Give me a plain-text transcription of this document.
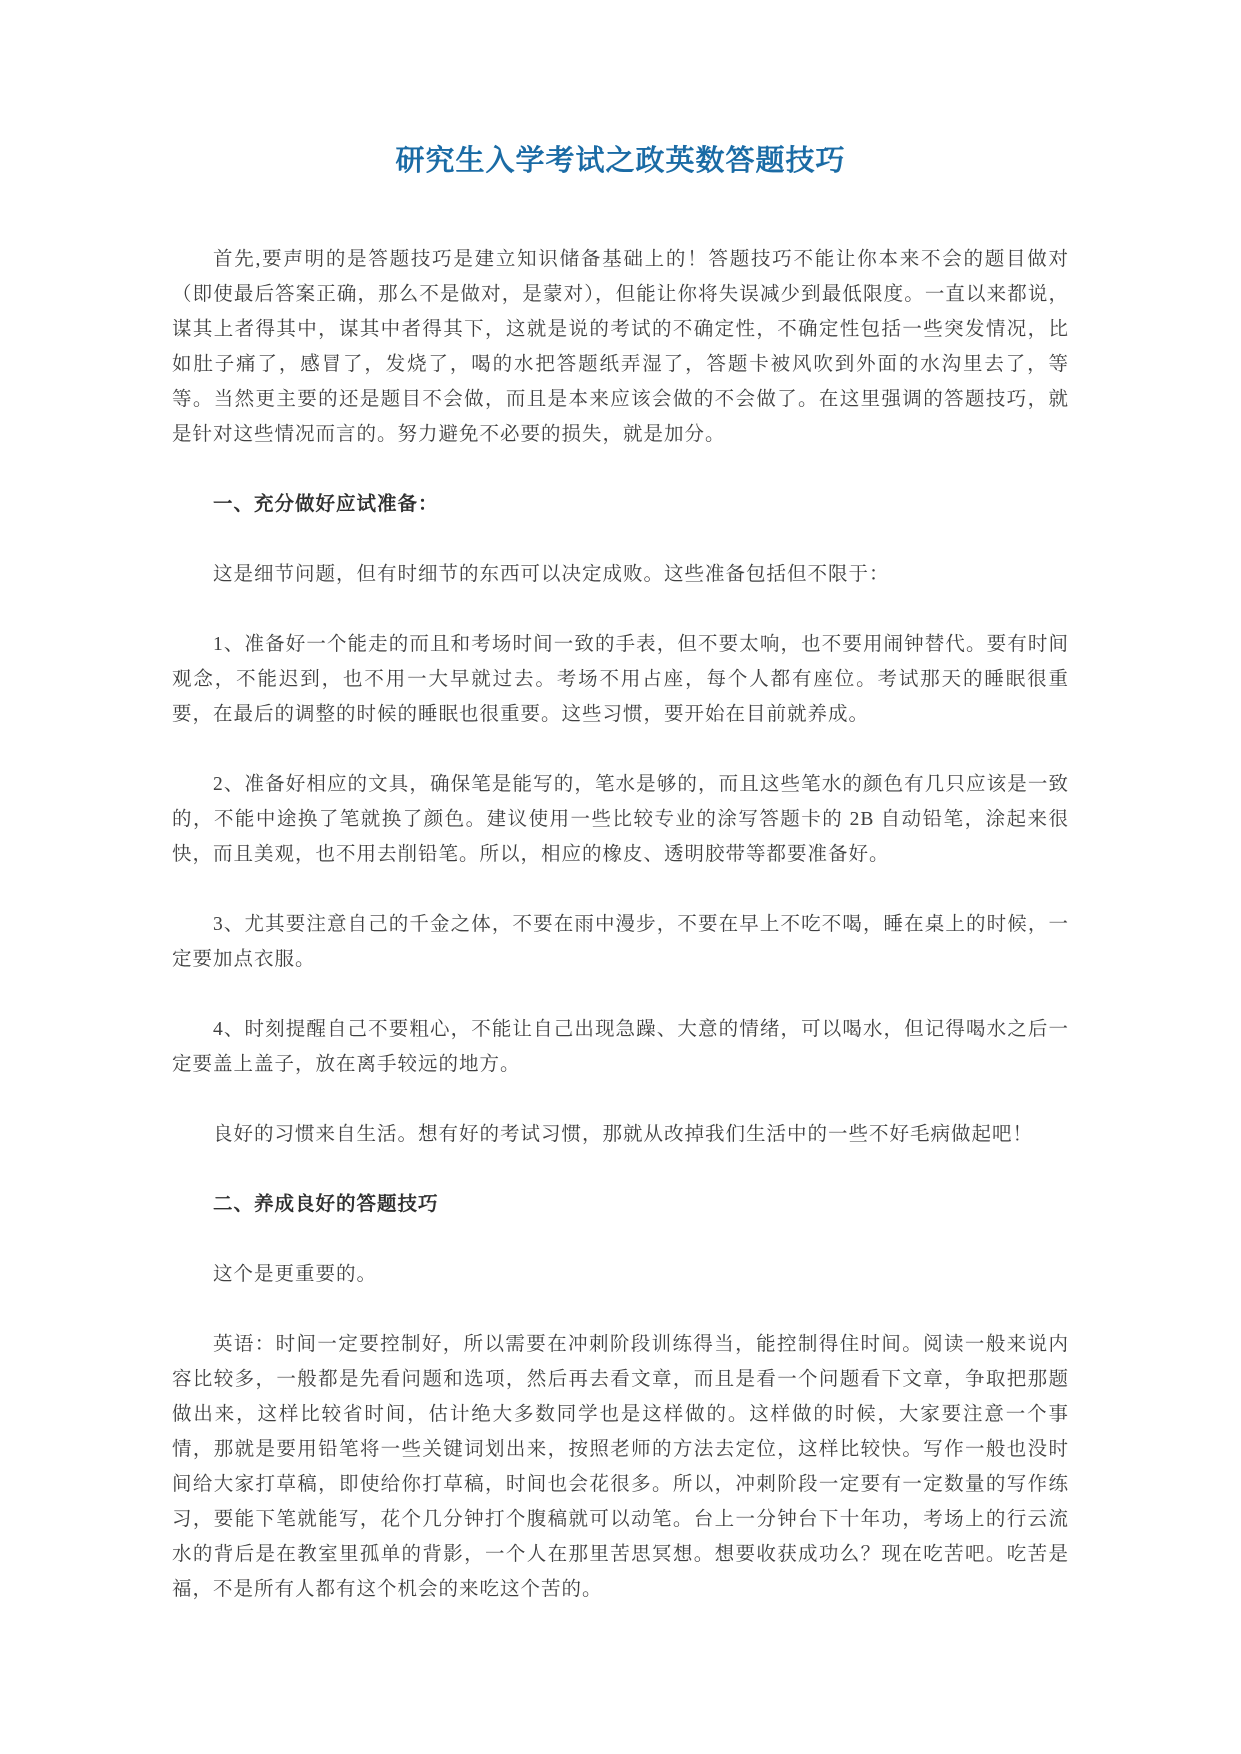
研究生入学考试之政英数答题技巧

首先,要声明的是答题技巧是建立知识储备基础上的！答题技巧不能让你本来不会的题目做对（即使最后答案正确，那么不是做对，是蒙对），但能让你将失误减少到最低限度。一直以来都说，谋其上者得其中，谋其中者得其下，这就是说的考试的不确定性，不确定性包括一些突发情况，比如肚子痛了，感冒了，发烧了，喝的水把答题纸弄湿了，答题卡被风吹到外面的水沟里去了，等等。当然更主要的还是题目不会做，而且是本来应该会做的不会做了。在这里强调的答题技巧，就是针对这些情况而言的。努力避免不必要的损失，就是加分。

一、充分做好应试准备：

这是细节问题，但有时细节的东西可以决定成败。这些准备包括但不限于：

1、准备好一个能走的而且和考场时间一致的手表，但不要太响，也不要用闹钟替代。要有时间观念，不能迟到，也不用一大早就过去。考场不用占座，每个人都有座位。考试那天的睡眠很重要，在最后的调整的时候的睡眠也很重要。这些习惯，要开始在目前就养成。

2、准备好相应的文具，确保笔是能写的，笔水是够的，而且这些笔水的颜色有几只应该是一致的，不能中途换了笔就换了颜色。建议使用一些比较专业的涂写答题卡的 2B 自动铅笔，涂起来很快，而且美观，也不用去削铅笔。所以，相应的橡皮、透明胶带等都要准备好。

3、尤其要注意自己的千金之体，不要在雨中漫步，不要在早上不吃不喝，睡在桌上的时候，一定要加点衣服。

4、时刻提醒自己不要粗心，不能让自己出现急躁、大意的情绪，可以喝水，但记得喝水之后一定要盖上盖子，放在离手较远的地方。

良好的习惯来自生活。想有好的考试习惯，那就从改掉我们生活中的一些不好毛病做起吧！

二、养成良好的答题技巧

这个是更重要的。

英语：时间一定要控制好，所以需要在冲刺阶段训练得当，能控制得住时间。阅读一般来说内容比较多，一般都是先看问题和选项，然后再去看文章，而且是看一个问题看下文章，争取把那题做出来，这样比较省时间，估计绝大多数同学也是这样做的。这样做的时候，大家要注意一个事情，那就是要用铅笔将一些关键词划出来，按照老师的方法去定位，这样比较快。写作一般也没时间给大家打草稿，即使给你打草稿，时间也会花很多。所以，冲刺阶段一定要有一定数量的写作练习，要能下笔就能写，花个几分钟打个腹稿就可以动笔。台上一分钟台下十年功，考场上的行云流水的背后是在教室里孤单的背影，一个人在那里苦思冥想。想要收获成功么？现在吃苦吧。吃苦是福，不是所有人都有这个机会的来吃这个苦的。
